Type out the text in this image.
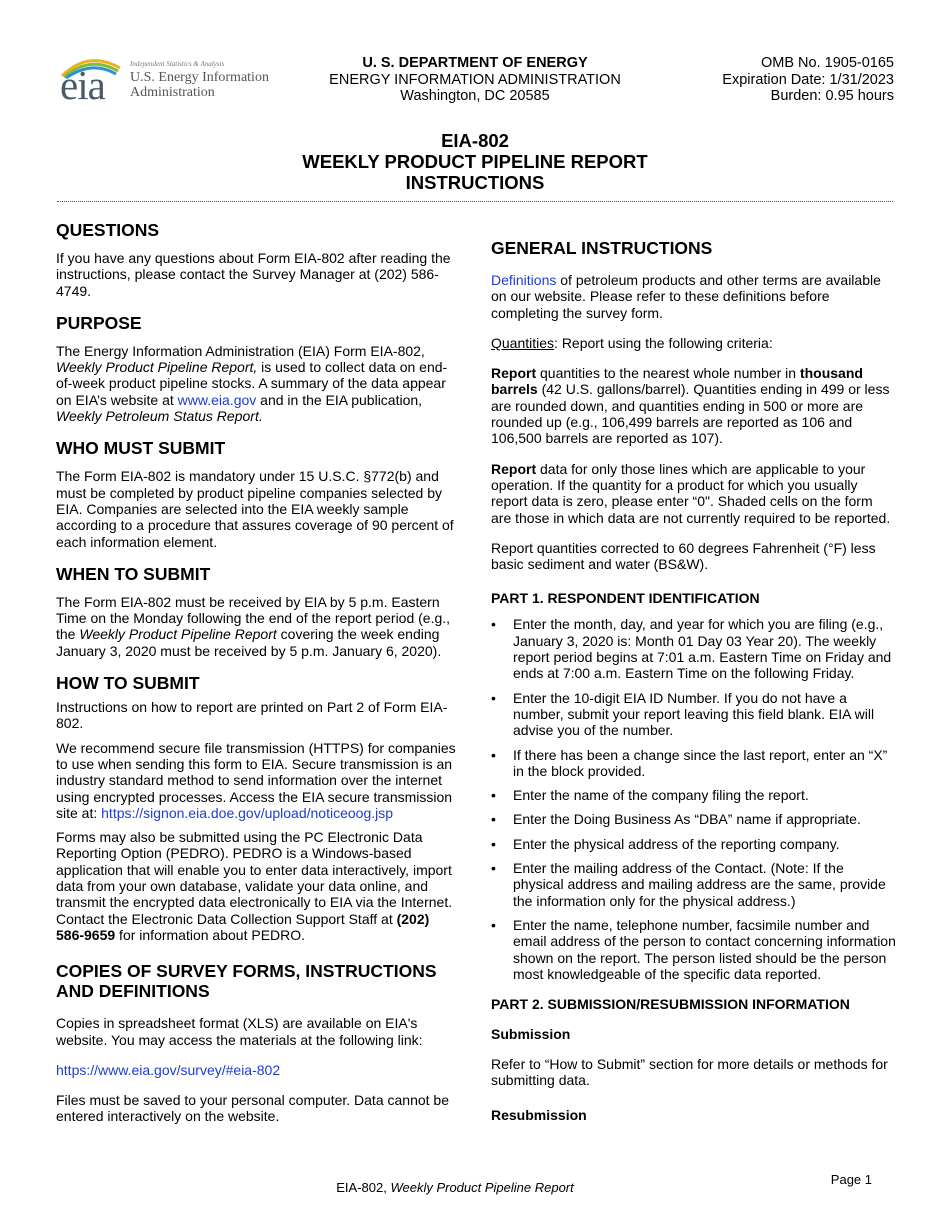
eia	Independent Statistics & Analysis
U.S. Energy Information
Administration
U. S. DEPARTMENT OF ENERGY
ENERGY INFORMATION ADMINISTRATION
Washington, DC 20585
OMB No. 1905-0165
Expiration Date: 1/31/2023
Burden: 0.95 hours
EIA-802
WEEKLY PRODUCT PIPELINE REPORT
INSTRUCTIONS
QUESTIONS

If you have any questions about Form EIA-802 after reading the instructions, please contact the Survey Manager at (202) 586-4749.

PURPOSE

The Energy Information Administration (EIA) Form EIA-802, Weekly Product Pipeline Report, is used to collect data on end-of-week product pipeline stocks. A summary of the data appear on EIA’s website at www.eia.gov and in the EIA publication, Weekly Petroleum Status Report.

WHO MUST SUBMIT

The Form EIA-802 is mandatory under 15 U.S.C. §772(b) and must be completed by product pipeline companies selected by EIA. Companies are selected into the EIA weekly sample according to a procedure that assures coverage of 90 percent of each information element.

WHEN TO SUBMIT

The Form EIA-802 must be received by EIA by 5 p.m. Eastern Time on the Monday following the end of the report period (e.g., the Weekly Product Pipeline Report covering the week ending January 3, 2020 must be received by 5 p.m. January 6, 2020).

HOW TO SUBMIT

Instructions on how to report are printed on Part 2 of Form EIA-802.

We recommend secure file transmission (HTTPS) for companies to use when sending this form to EIA. Secure transmission is an industry standard method to send information over the internet using encrypted processes. Access the EIA secure transmission site at: https://signon.eia.doe.gov/upload/noticeoog.jsp

Forms may also be submitted using the PC Electronic Data Reporting Option (PEDRO). PEDRO is a Windows-based application that will enable you to enter data interactively, import data from your own database, validate your data online, and transmit the encrypted data electronically to EIA via the Internet. Contact the Electronic Data Collection Support Staff at (202) 586-9659 for information about PEDRO.

COPIES OF SURVEY FORMS, INSTRUCTIONS AND DEFINITIONS

Copies in spreadsheet format (XLS) are available on EIA's website. You may access the materials at the following link:

https://www.eia.gov/survey/#eia-802

Files must be saved to your personal computer. Data cannot be entered interactively on the website.

GENERAL INSTRUCTIONS

Definitions of petroleum products and other terms are available on our website. Please refer to these definitions before completing the survey form.

Quantities: Report using the following criteria:

Report quantities to the nearest whole number in thousand barrels (42 U.S. gallons/barrel). Quantities ending in 499 or less are rounded down, and quantities ending in 500 or more are rounded up (e.g., 106,499 barrels are reported as 106 and 106,500 barrels are reported as 107).

Report data for only those lines which are applicable to your operation. If the quantity for a product for which you usually report data is zero, please enter “0". Shaded cells on the form are those in which data are not currently required to be reported.

Report quantities corrected to 60 degrees Fahrenheit (°F) less basic sediment and water (BS&W).

PART 1. RESPONDENT IDENTIFICATION
• Enter the month, day, and year for which you are filing (e.g., January 3, 2020 is: Month 01 Day 03 Year 20). The weekly report period begins at 7:01 a.m. Eastern Time on Friday and ends at 7:00 a.m. Eastern Time on the following Friday.
• Enter the 10-digit EIA ID Number. If you do not have a number, submit your report leaving this field blank. EIA will advise you of the number.
• If there has been a change since the last report, enter an “X” in the block provided.
• Enter the name of the company filing the report.
• Enter the Doing Business As “DBA” name if appropriate.
• Enter the physical address of the reporting company.
• Enter the mailing address of the Contact. (Note: If the physical address and mailing address are the same, provide the information only for the physical address.)
• Enter the name, telephone number, facsimile number and email address of the person to contact concerning information shown on the report. The person listed should be the person most knowledgeable of the specific data reported.
PART 2. SUBMISSION/RESUBMISSION INFORMATION
Submission

Refer to “How to Submit” section for more details or methods for submitting data.

Resubmission
EIA-802, Weekly Product Pipeline Report
Page 1
